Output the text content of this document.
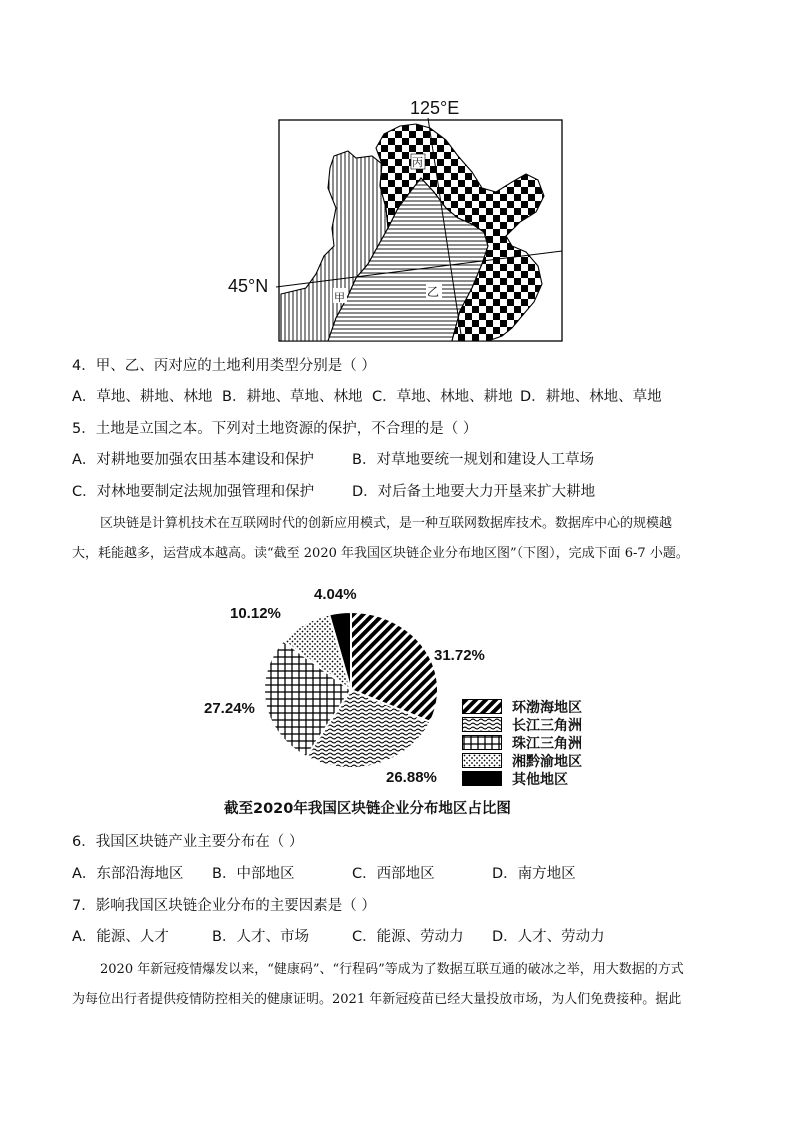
125°E
45°N
丙
甲	乙
4．甲、乙、丙对应的土地利用类型分别是（ ）
A．草地、耕地、林地 B．耕地、草地、林地 C．草地、林地、耕地 D．耕地、林地、草地
5．土地是立国之本。下列对土地资源的保护，不合理的是（ ）
A．对耕地要加强农田基本建设和保护	B．对草地要统一规划和建设人工草场
C．对林地要制定法规加强管理和保护	D．对后备土地要大力开垦来扩大耕地
区块链是计算机技术在互联网时代的创新应用模式，是一种互联网数据库技术。数据库中心的规模越
大，耗能越多，运营成本越高。读“截至 2020 年我国区块链企业分布地区图”（下图），完成下面 6-7 小题。
4.04%
10.12%
31.72%
27.24%
26.88%
环渤海地区
长江三角洲
珠江三角洲
湘黔渝地区
其他地区
截至2020年我国区块链企业分布地区占比图
6．我国区块链产业主要分布在（ ）
A．东部沿海地区 B．中部地区	C．西部地区	D．南方地区
7．影响我国区块链企业分布的主要因素是（ ）
A．能源、人才	B．人才、市场	C．能源、劳动力 D．人才、劳动力
2020 年新冠疫情爆发以来，“健康码”、“行程码”等成为了数据互联互通的破冰之举，用大数据的方式
为每位出行者提供疫情防控相关的健康证明。2021 年新冠疫苗已经大量投放市场，为人们免费接种。据此
